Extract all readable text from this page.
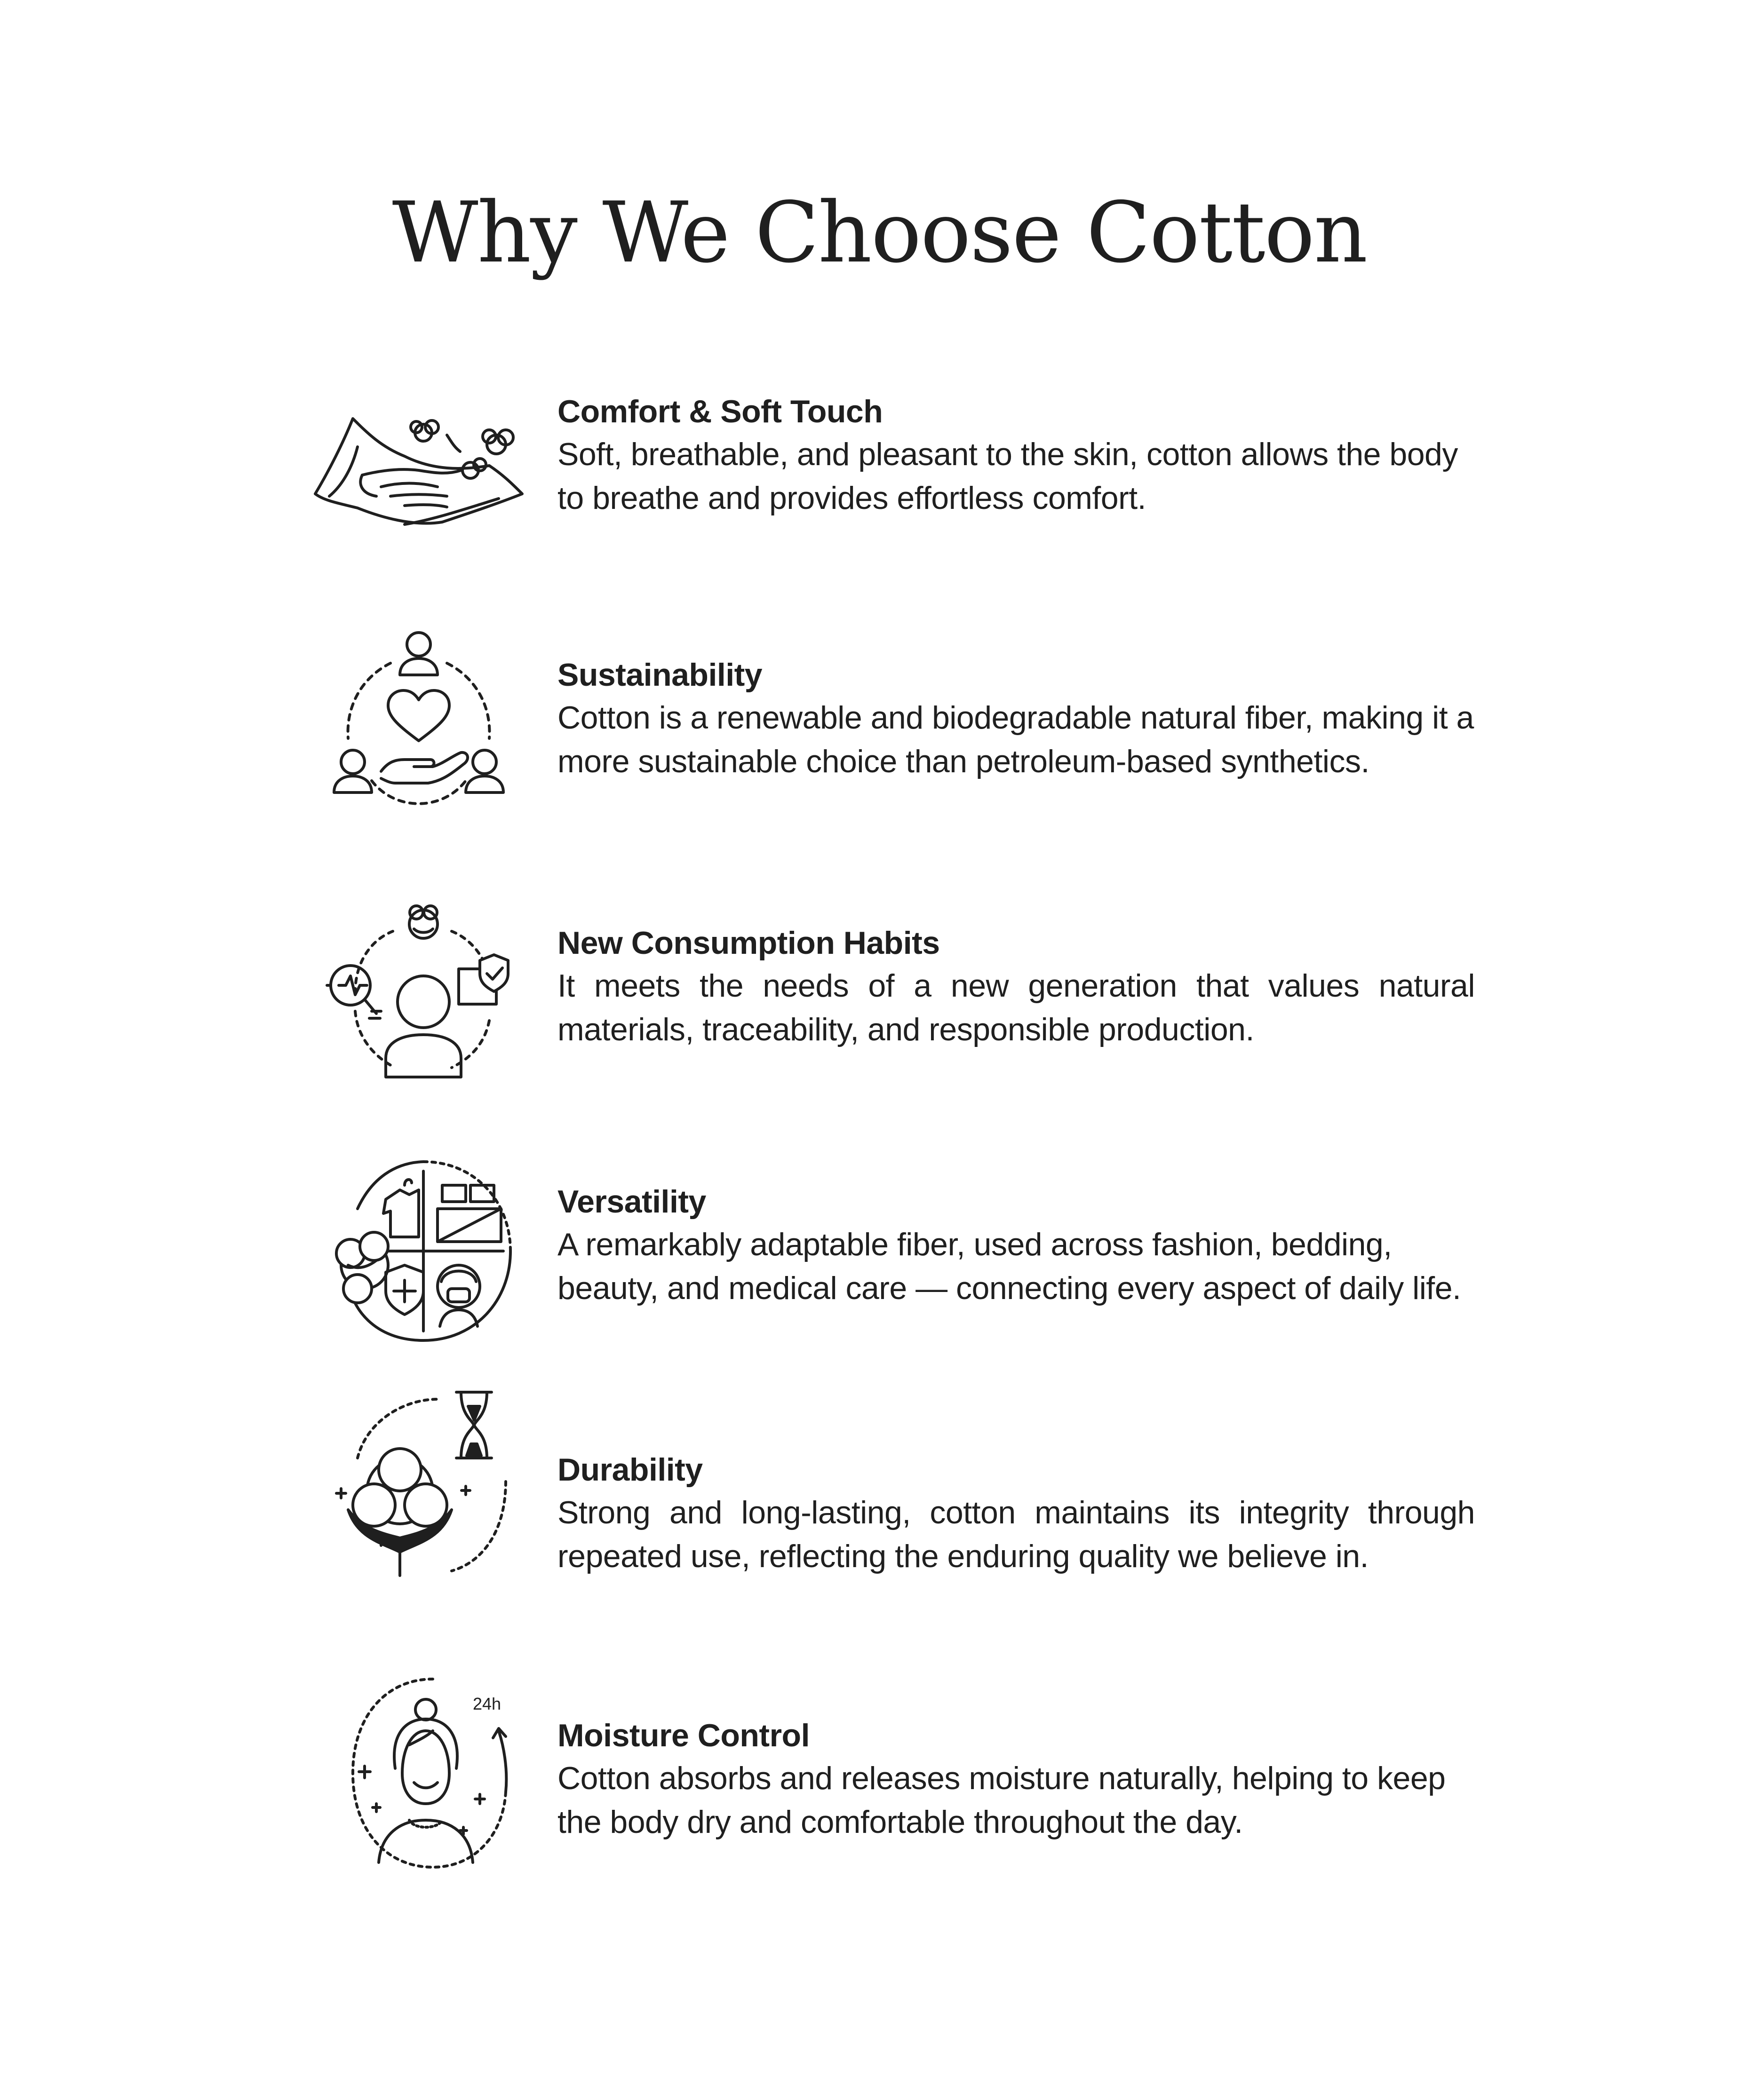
Why We Choose Cotton

Comfort & Soft Touch

Soft, breathable, and pleasant to the skin, cotton allows the body to breathe and provides effortless comfort.

Sustainability

Cotton is a renewable and biodegradable natural fiber, making it a more sustainable choice than petroleum-based synthetics.

New Consumption Habits

It meets the needs of a new generation that values natural materials, traceability, and responsible production.

Versatility

A remarkably adaptable fiber, used across fashion, bedding, beauty, and medical care — connecting every aspect of daily life.

Durability

Strong and long-lasting, cotton maintains its integrity through repeated use, reflecting the enduring quality we believe in.

24h

Moisture Control

Cotton absorbs and releases moisture naturally, helping to keep the body dry and comfortable throughout the day.
